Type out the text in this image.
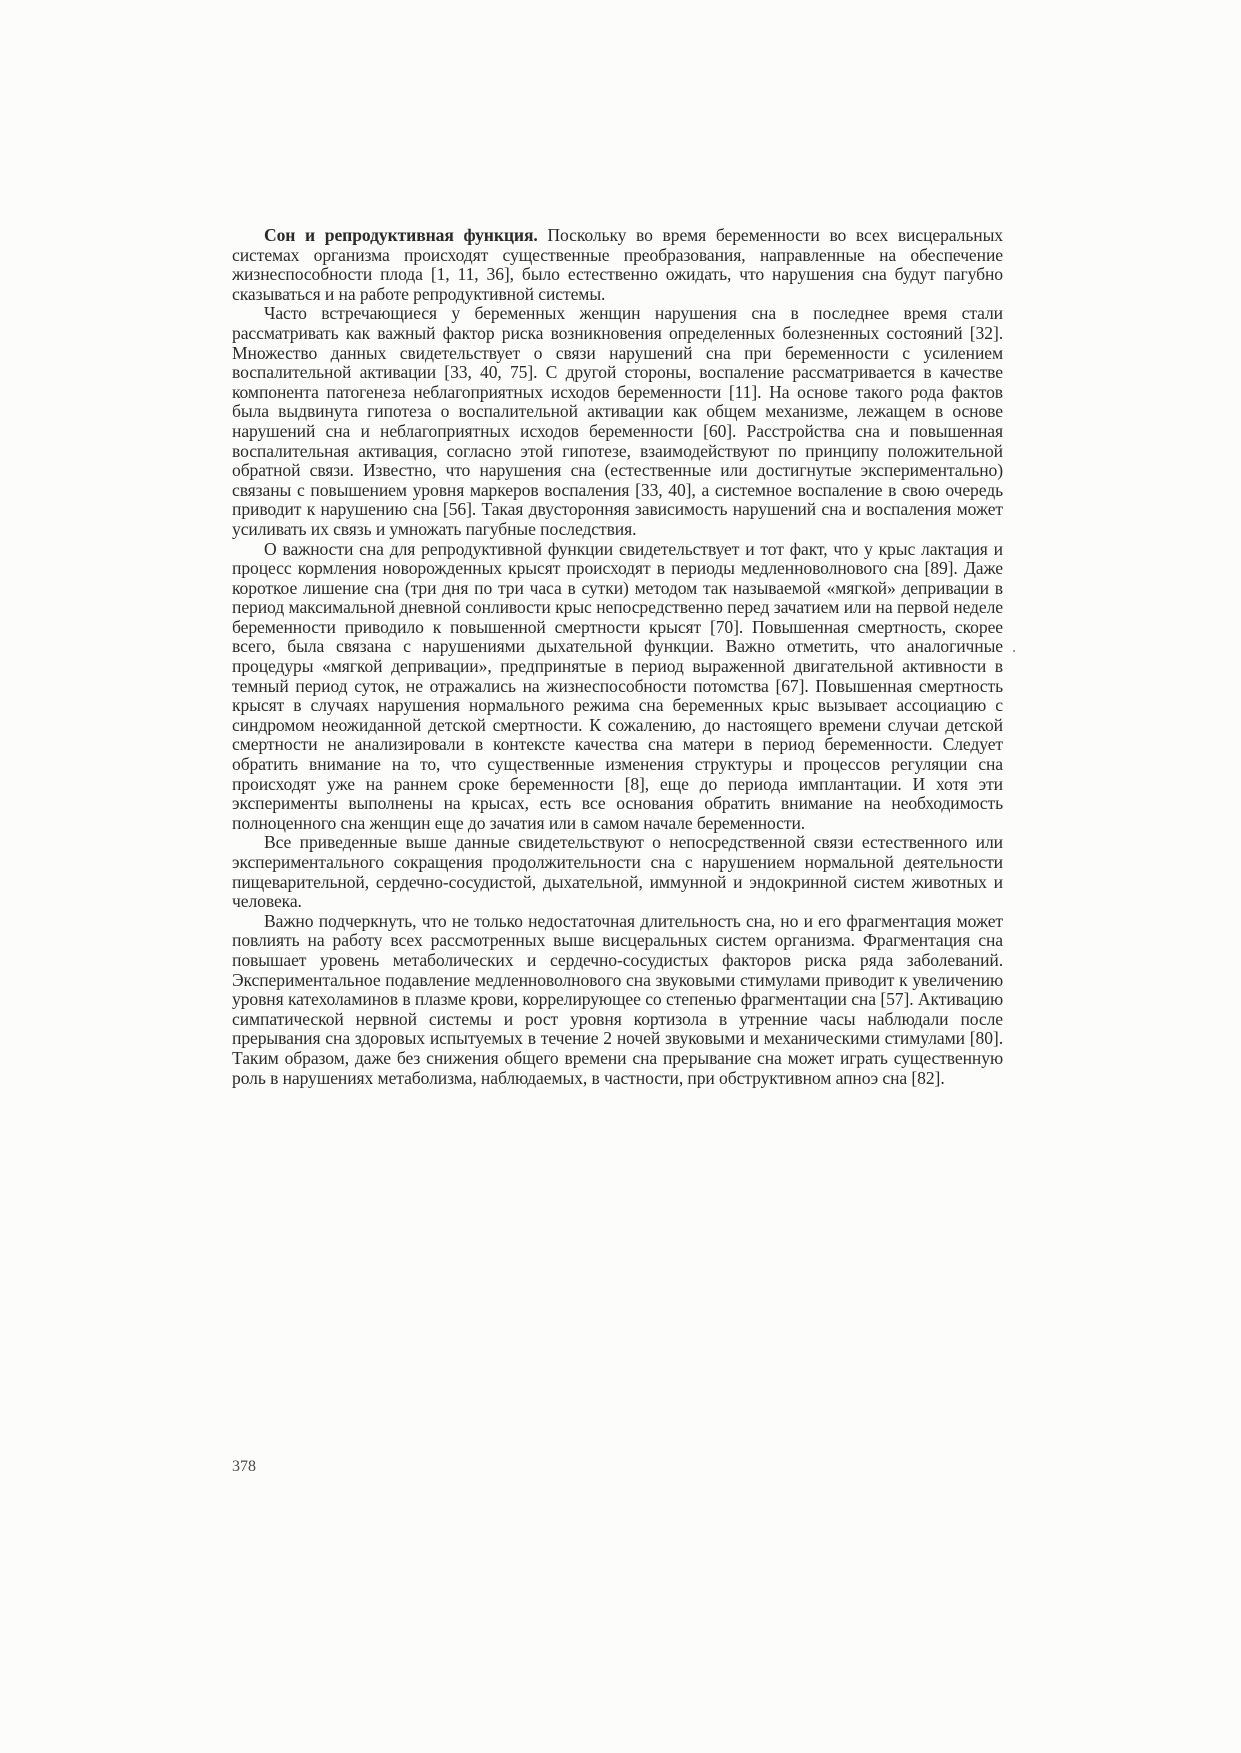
Сон и репродуктивная функция. Поскольку во время беременности во всех висцеральных системах организма происходят существенные преобразования, направленные на обеспечение жизнеспособности плода [1, 11, 36], было естественно ожидать, что нарушения сна будут пагубно сказываться и на работе репродуктивной системы.

Часто встречающиеся у беременных женщин нарушения сна в последнее время стали рассматривать как важный фактор риска возникновения определенных болезненных состояний [32]. Множество данных свидетельствует о связи нарушений сна при беременности с усилением воспалительной активации [33, 40, 75]. С другой стороны, воспаление рассматривается в качестве компонента патогенеза неблагоприятных исходов беременности [11]. На основе такого рода фактов была выдвинута гипотеза о воспалительной активации как общем механизме, лежащем в основе нарушений сна и неблагоприятных исходов беременности [60]. Расстройства сна и повышенная воспалительная активация, согласно этой гипотезе, взаимодействуют по принципу положительной обратной связи. Известно, что нарушения сна (естественные или достигнутые экспериментально) связаны с повышением уровня маркеров воспаления [33, 40], а системное воспаление в свою очередь приводит к нарушению сна [56]. Такая двусторонняя зависимость нарушений сна и воспаления может усиливать их связь и умножать пагубные последствия.

О важности сна для репродуктивной функции свидетельствует и тот факт, что у крыс лактация и процесс кормления новорожденных крысят происходят в периоды медленноволнового сна [89]. Даже короткое лишение сна (три дня по три часа в сутки) методом так называемой «мягкой» депривации в период максимальной дневной сонливости крыс непосредственно перед зачатием или на первой неделе беременности приводило к повышенной смертности крысят [70]. Повышенная смертность, скорее всего, была связана с нарушениями дыхательной функции. Важно отметить, что аналогичные процедуры «мягкой депривации», предпринятые в период выраженной двигательной активности в темный период суток, не отражались на жизнеспособности потомства [67]. Повышенная смертность крысят в случаях нарушения нормального режима сна беременных крыс вызывает ассоциацию с синдромом неожиданной детской смертности. К сожалению, до настоящего времени случаи детской смертности не анализировали в контексте качества сна матери в период беременности. Следует обратить внимание на то, что существенные изменения структуры и процессов регуляции сна происходят уже на раннем сроке беременности [8], еще до периода имплантации. И хотя эти эксперименты выполнены на крысах, есть все основания обратить внимание на необходимость полноценного сна женщин еще до зачатия или в самом начале беременности.

Все приведенные выше данные свидетельствуют о непосредственной связи естественного или экспериментального сокращения продолжительности сна с нарушением нормальной деятельности пищеварительной, сердечно-сосудистой, дыхательной, иммунной и эндокринной систем животных и человека.

Важно подчеркнуть, что не только недостаточная длительность сна, но и его фрагментация может повлиять на работу всех рассмотренных выше висцеральных систем организма. Фрагментация сна повышает уровень метаболических и сердечно-сосудистых факторов риска ряда заболеваний. Экспериментальное подавление медленноволнового сна звуковыми стимулами приводит к увеличению уровня катехоламинов в плазме крови, коррелирующее со степенью фрагментации сна [57]. Активацию симпатической нервной системы и рост уровня кортизола в утренние часы наблюдали после прерывания сна здоровых испытуемых в течение 2 ночей звуковыми и механическими стимулами [80]. Таким образом, даже без снижения общего времени сна прерывание сна может играть существенную роль в нарушениях метаболизма, наблюдаемых, в частности, при обструктивном апноэ сна [82].

378
